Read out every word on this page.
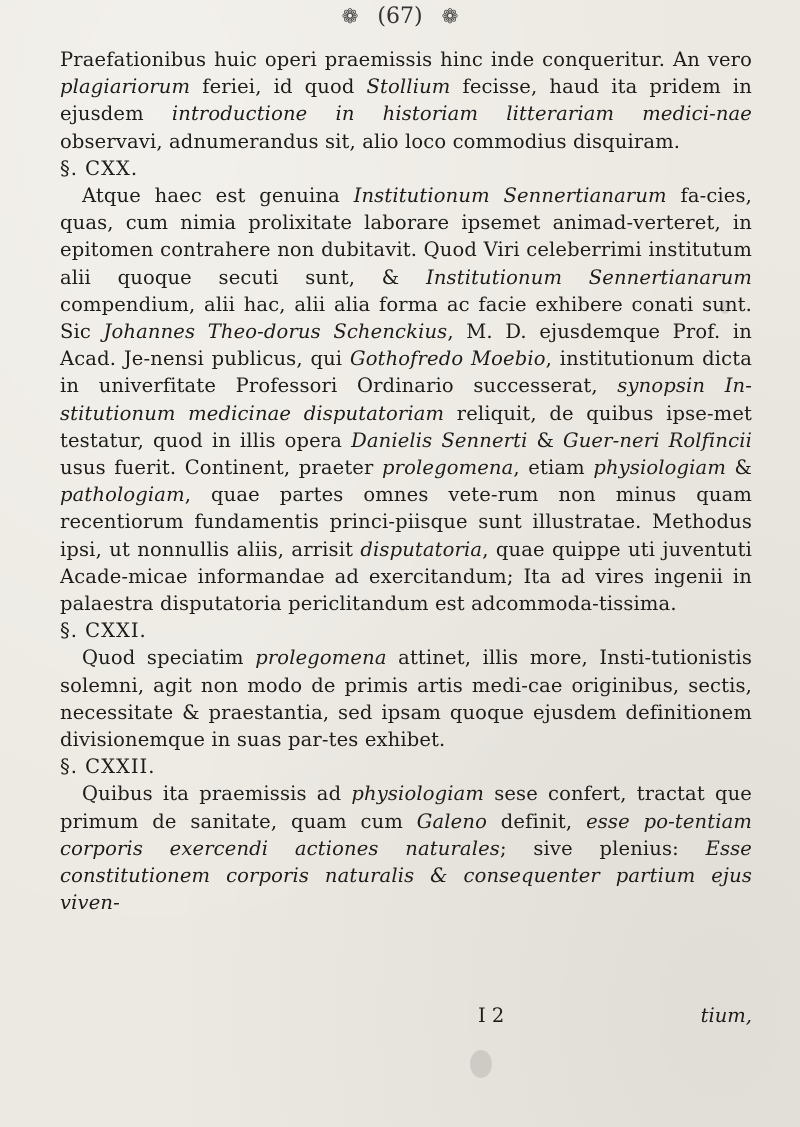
❁ (67) ❁

Praefationibus huic operi praemissis hinc inde conqueritur. An vero plagiariorum feriei, id quod Stollium fecisse, haud ita pridem in ejusdem introductione in historiam litterariam medici-nae observavi, adnumerandus sit, alio loco commodius disquiram.

§. CXX.

Atque haec est genuina Institutionum Sennertianarum fa-cies, quas, cum nimia prolixitate laborare ipsemet animad-verteret, in epitomen contrahere non dubitavit. Quod Viri celeberrimi institutum alii quoque secuti sunt, & Institutionum Sennertianarum compendium, alii hac, alii alia forma ac facie exhibere conati sunt. Sic Johannes Theo-dorus Schenckius, M. D. ejusdemque Prof. in Acad. Je-nensi publicus, qui Gothofredo Moebio, institutionum dicta in univerfitate Professori Ordinario successerat, synopsin In-stitutionum medicinae disputatoriam reliquit, de quibus ipse-met testatur, quod in illis opera Danielis Sennerti & Guer-neri Rolfincii usus fuerit. Continent, praeter prolegomena, etiam physiologiam & pathologiam, quae partes omnes vete-rum non minus quam recentiorum fundamentis princi-piisque sunt illustratae. Methodus ipsi, ut nonnullis aliis, arrisit disputatoria, quae quippe uti juventuti Acade-micae informandae ad exercitandum; Ita ad vires ingenii in palaestra disputatoria periclitandum est adcommoda-tissima.

§. CXXI.

Quod speciatim prolegomena attinet, illis more, Insti-tutionistis solemni, agit non modo de primis artis medi-cae originibus, sectis, necessitate & praestantia, sed ipsam quoque ejusdem definitionem divisionemque in suas par-tes exhibet.

§. CXXII.

Quibus ita praemissis ad physiologiam sese confert, tractat que primum de sanitate, quam cum Galeno definit, esse po-tentiam corporis exercendi actiones naturales; sive plenius: Esse constitutionem corporis naturalis & consequenter partium ejus viven-

I 2	tium,
